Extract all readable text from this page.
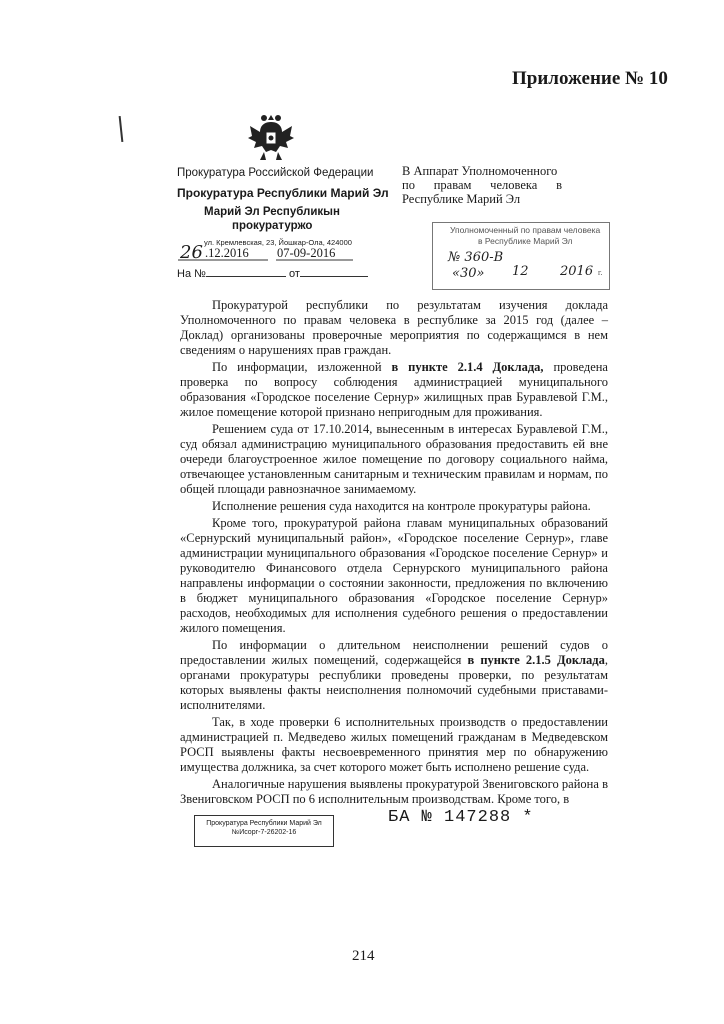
Приложение № 10
Прокуратура Российской Федерации
Прокуратура Республики Марий Эл
Марий Эл Республикын
прокуратуржо
ул. Кремлевская, 23, Йошкар-Ола, 424000
26 .12.2016 07-09-2016
На №	от
В Аппарат Уполномоченного
по правам человека в
Республике Марий Эл
Уполномоченный по правам человека
в Республике Марий Эл
№ 360-В
«30» 12 2016 г.

Прокуратурой республики по результатам изучения доклада Уполномоченного по правам человека в республике за 2015 год (далее – Доклад) организованы проверочные мероприятия по содержащимся в нем сведениям о нарушениях прав граждан.

По информации, изложенной в пункте 2.1.4 Доклада, проведена проверка по вопросу соблюдения администрацией муниципального образования «Городское поселение Сернур» жилищных прав Буравлевой Г.М., жилое помещение которой признано непригодным для проживания.

Решением суда от 17.10.2014, вынесенным в интересах Буравлевой Г.М., суд обязал администрацию муниципального образования предоставить ей вне очереди благоустроенное жилое помещение по договору социального найма, отвечающее установленным санитарным и техническим правилам и нормам, по общей площади равнозначное занимаемому.

Исполнение решения суда находится на контроле прокуратуры района.

Кроме того, прокуратурой района главам муниципальных образований «Сернурский муниципальный район», «Городское поселение Сернур», главе администрации муниципального образования «Городское поселение Сернур» и руководителю Финансового отдела Сернурского муниципального района направлены информации о состоянии законности, предложения по включению в бюджет муниципального образования «Городское поселение Сернур» расходов, необходимых для исполнения судебного решения о предоставлении жилого помещения.

По информации о длительном неисполнении решений судов о предоставлении жилых помещений, содержащейся в пункте 2.1.5 Доклада, органами прокуратуры республики проведены проверки, по результатам которых выявлены факты неисполнения полномочий судебными приставами-исполнителями.

Так, в ходе проверки 6 исполнительных производств о предоставлении администрацией п. Медведево жилых помещений гражданам в Медведевском РОСП выявлены факты несвоевременного принятия мер по обнаружению имущества должника, за счет которого может быть исполнено решение суда.

Аналогичные нарушения выявлены прокуратурой Звениговского района в Звениговском РОСП по 6 исполнительным производствам. Кроме того, в

Прокуратура Республики Марий Эл
№Исорг-7-26202-16
БА № 147288 *
214
